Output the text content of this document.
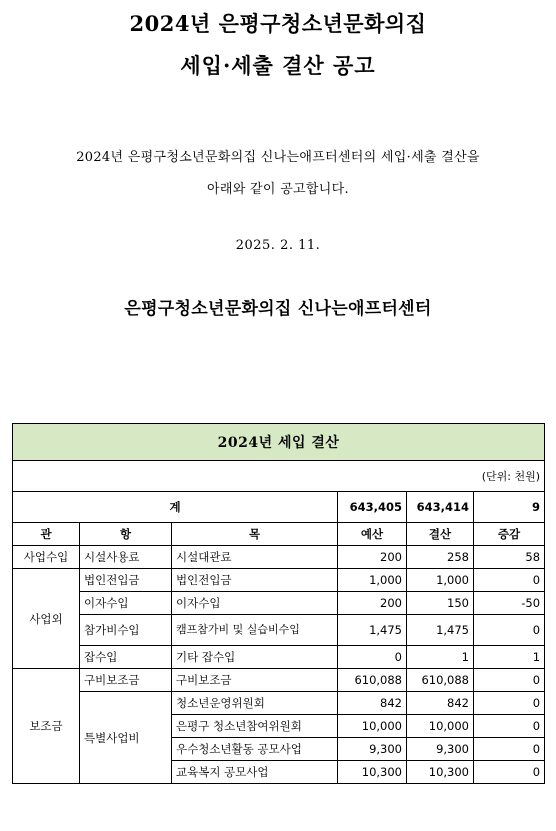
2024년 은평구청소년문화의집
세입·세출 결산 공고
2024년 은평구청소년문화의집 신나는애프터센터의 세입·세출 결산을
아래와 같이 공고합니다.
2025. 2. 11.
은평구청소년문화의집 신나는애프터센터
2024년 세입 결산					
(단위: 천원)					
계			643,405	643,414	9
관	항	목	예산	결산	증감
사업수입	시설사용료	시설대관료	200	258	58
사업외	법인전입금	법인전입금	1,000	1,000	0
	이자수입	이자수입	200	150	-50
	참가비수입	캠프참가비 및 실습비수입	1,475	1,475	0
	잡수입	기타 잡수입	0	1	1
보조금	구비보조금	구비보조금	610,088	610,088	0
	특별사업비	청소년운영위원회	842	842	0
		은평구 청소년참여위원회	10,000	10,000	0
		우수청소년활동 공모사업	9,300	9,300	0
		교육복지 공모사업	10,300	10,300	0
